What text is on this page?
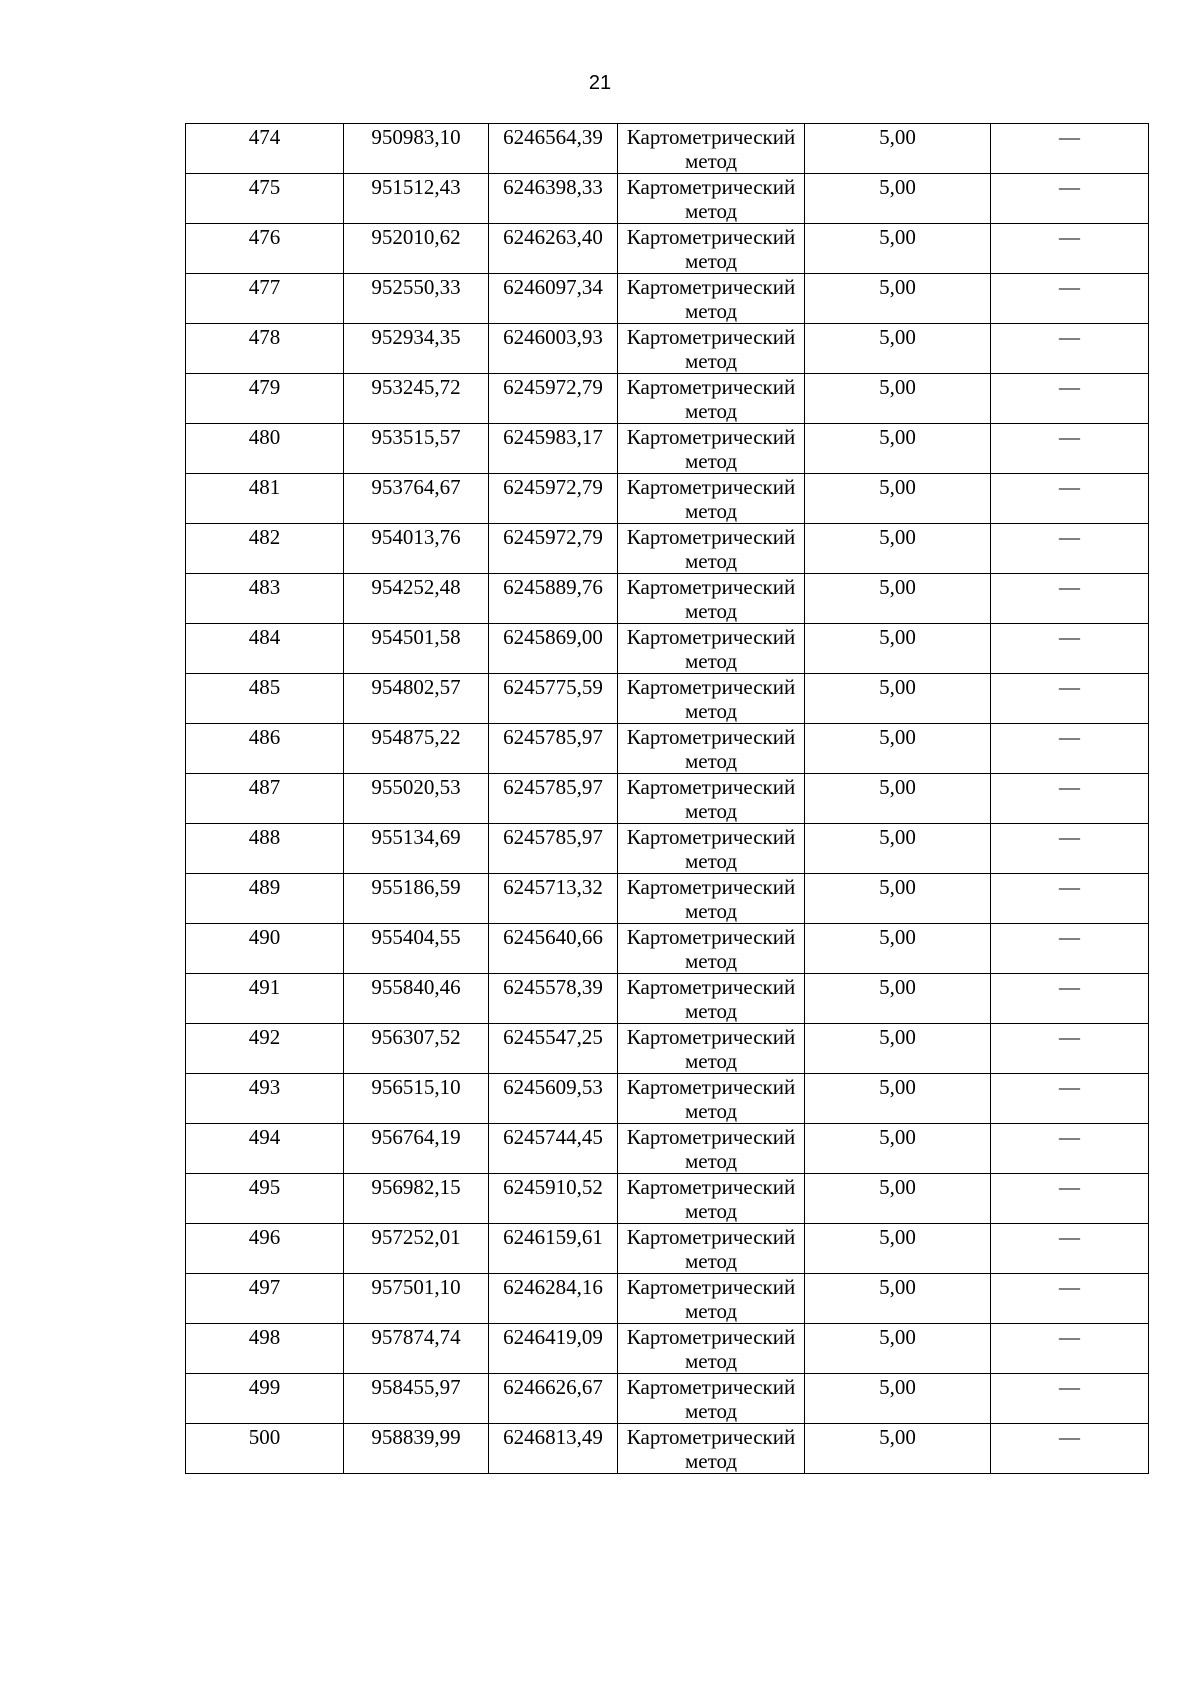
21
474	950983,10	6246564,39	Картометрический метод	5,00	—
475	951512,43	6246398,33	Картометрический метод	5,00	—
476	952010,62	6246263,40	Картометрический метод	5,00	—
477	952550,33	6246097,34	Картометрический метод	5,00	—
478	952934,35	6246003,93	Картометрический метод	5,00	—
479	953245,72	6245972,79	Картометрический метод	5,00	—
480	953515,57	6245983,17	Картометрический метод	5,00	—
481	953764,67	6245972,79	Картометрический метод	5,00	—
482	954013,76	6245972,79	Картометрический метод	5,00	—
483	954252,48	6245889,76	Картометрический метод	5,00	—
484	954501,58	6245869,00	Картометрический метод	5,00	—
485	954802,57	6245775,59	Картометрический метод	5,00	—
486	954875,22	6245785,97	Картометрический метод	5,00	—
487	955020,53	6245785,97	Картометрический метод	5,00	—
488	955134,69	6245785,97	Картометрический метод	5,00	—
489	955186,59	6245713,32	Картометрический метод	5,00	—
490	955404,55	6245640,66	Картометрический метод	5,00	—
491	955840,46	6245578,39	Картометрический метод	5,00	—
492	956307,52	6245547,25	Картометрический метод	5,00	—
493	956515,10	6245609,53	Картометрический метод	5,00	—
494	956764,19	6245744,45	Картометрический метод	5,00	—
495	956982,15	6245910,52	Картометрический метод	5,00	—
496	957252,01	6246159,61	Картометрический метод	5,00	—
497	957501,10	6246284,16	Картометрический метод	5,00	—
498	957874,74	6246419,09	Картометрический метод	5,00	—
499	958455,97	6246626,67	Картометрический метод	5,00	—
500	958839,99	6246813,49	Картометрический метод	5,00	—
